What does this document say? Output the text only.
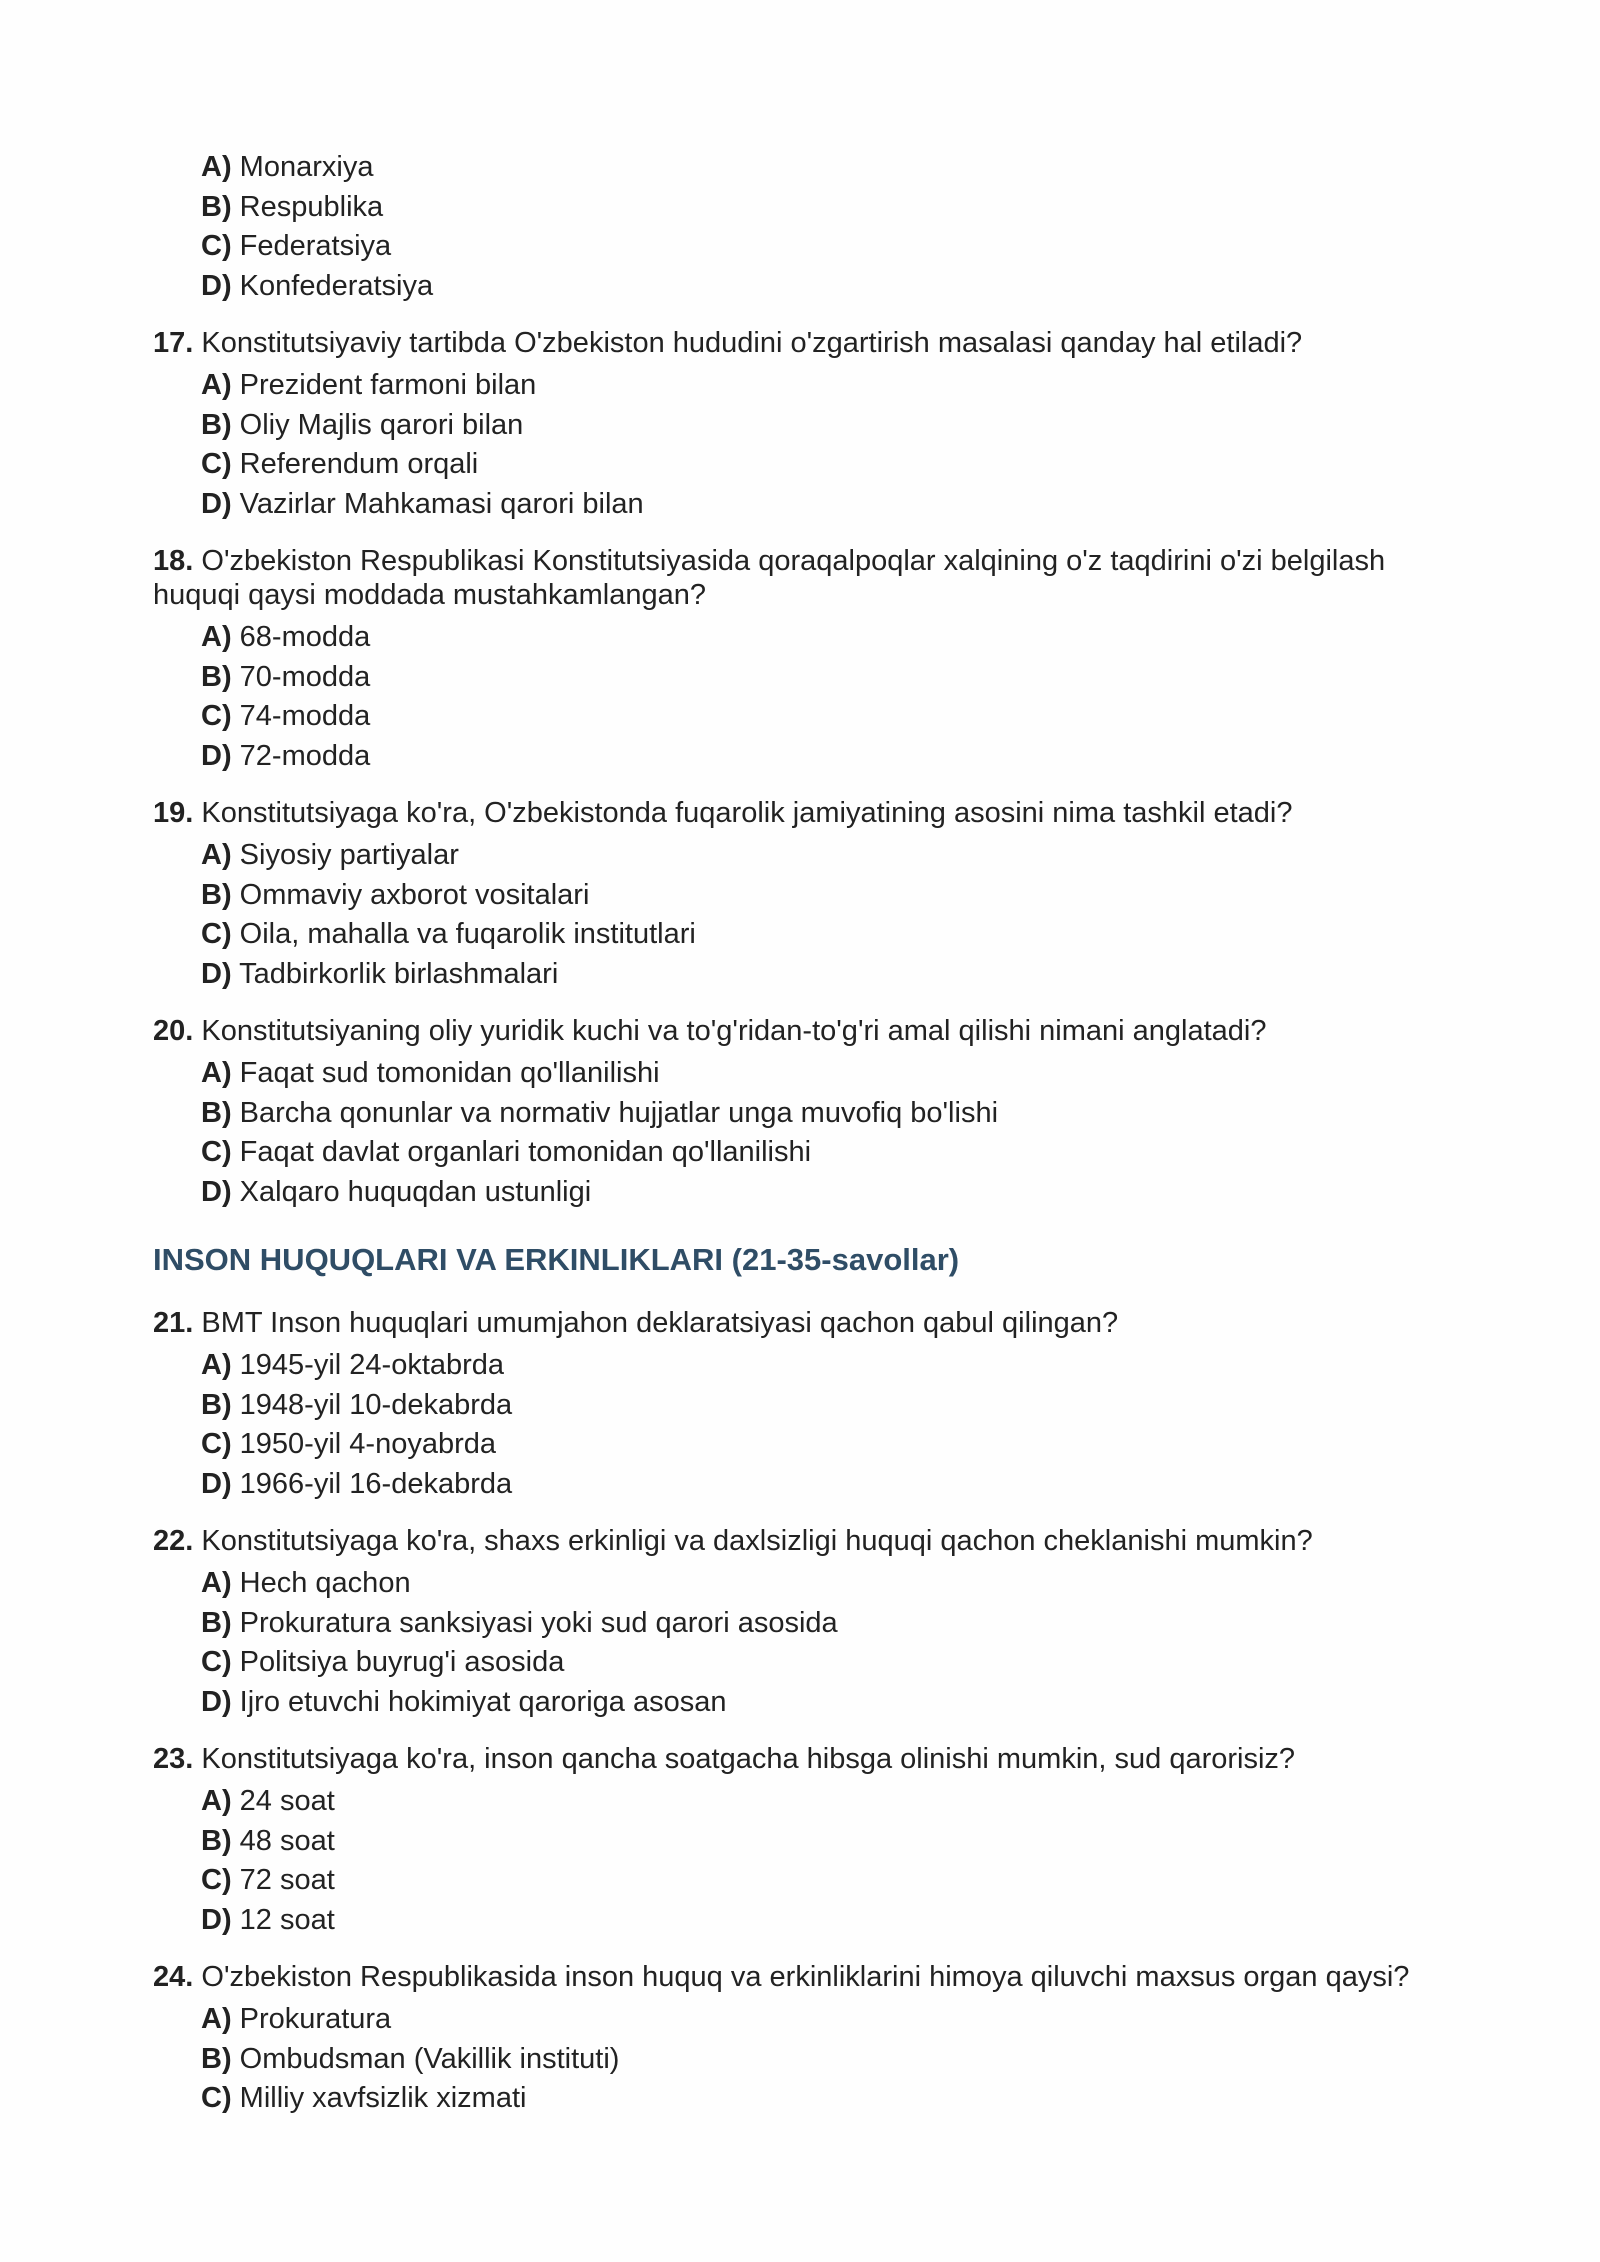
A) Monarxiya
B) Respublika
C) Federatsiya
D) Konfederatsiya
17. Konstitutsiyaviy tartibda O'zbekiston hududini o'zgartirish masalasi qanday hal etiladi?
A) Prezident farmoni bilan
B) Oliy Majlis qarori bilan
C) Referendum orqali
D) Vazirlar Mahkamasi qarori bilan
18. O'zbekiston Respublikasi Konstitutsiyasida qoraqalpoqlar xalqining o'z taqdirini o'zi belgilash huquqi qaysi moddada mustahkamlangan?
A) 68-modda
B) 70-modda
C) 74-modda
D) 72-modda
19. Konstitutsiyaga ko'ra, O'zbekistonda fuqarolik jamiyatining asosini nima tashkil etadi?
A) Siyosiy partiyalar
B) Ommaviy axborot vositalari
C) Oila, mahalla va fuqarolik institutlari
D) Tadbirkorlik birlashmalari
20. Konstitutsiyaning oliy yuridik kuchi va to'g'ridan-to'g'ri amal qilishi nimani anglatadi?
A) Faqat sud tomonidan qo'llanilishi
B) Barcha qonunlar va normativ hujjatlar unga muvofiq bo'lishi
C) Faqat davlat organlari tomonidan qo'llanilishi
D) Xalqaro huquqdan ustunligi
INSON HUQUQLARI VA ERKINLIKLARI (21-35-savollar)
21. BMT Inson huquqlari umumjahon deklaratsiyasi qachon qabul qilingan?
A) 1945-yil 24-oktabrda
B) 1948-yil 10-dekabrda
C) 1950-yil 4-noyabrda
D) 1966-yil 16-dekabrda
22. Konstitutsiyaga ko'ra, shaxs erkinligi va daxlsizligi huquqi qachon cheklanishi mumkin?
A) Hech qachon
B) Prokuratura sanksiyasi yoki sud qarori asosida
C) Politsiya buyrug'i asosida
D) Ijro etuvchi hokimiyat qaroriga asosan
23. Konstitutsiyaga ko'ra, inson qancha soatgacha hibsga olinishi mumkin, sud qarorisiz?
A) 24 soat
B) 48 soat
C) 72 soat
D) 12 soat
24. O'zbekiston Respublikasida inson huquq va erkinliklarini himoya qiluvchi maxsus organ qaysi?
A) Prokuratura
B) Ombudsman (Vakillik instituti)
C) Milliy xavfsizlik xizmati
